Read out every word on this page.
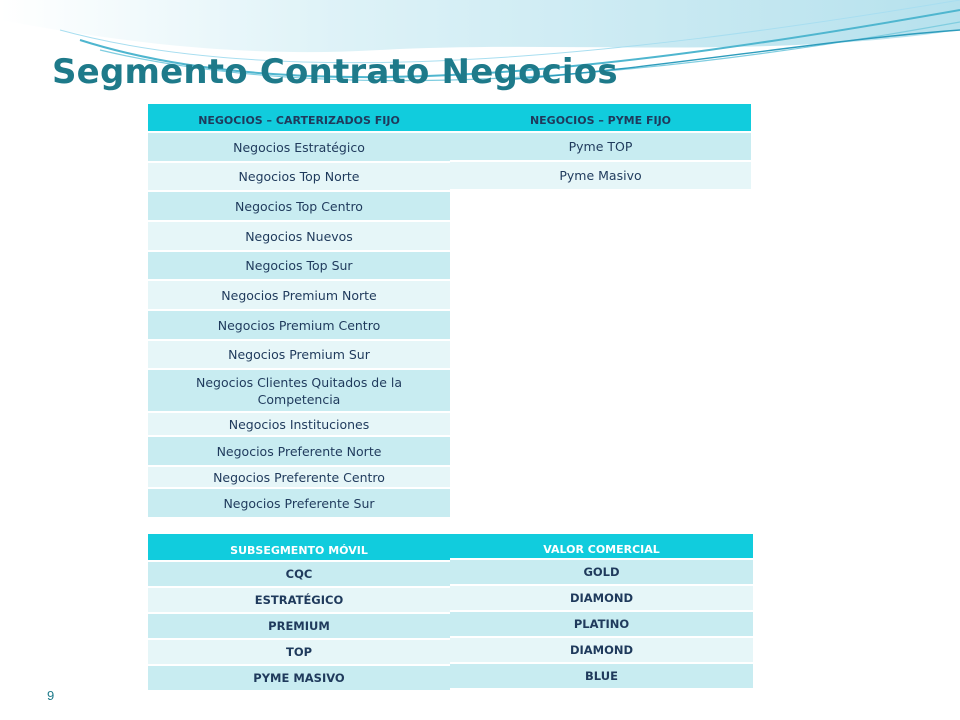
Segmento Contrato Negocios
NEGOCIOS – CARTERIZADOS FIJO
Negocios Estratégico
Negocios Top Norte
Negocios Top Centro
Negocios Nuevos
Negocios Top Sur
Negocios Premium Norte
Negocios Premium Centro
Negocios Premium Sur
Negocios Clientes Quitados de la Competencia
Negocios Instituciones
Negocios Preferente Norte
Negocios Preferente Centro
Negocios Preferente Sur
NEGOCIOS – PYME FIJO
Pyme TOP
Pyme Masivo
SUBSEGMENTO MÓVIL
CQC
ESTRATÉGICO
PREMIUM
TOP
PYME MASIVO
VALOR COMERCIAL
GOLD
DIAMOND
PLATINO
DIAMOND
BLUE
9
